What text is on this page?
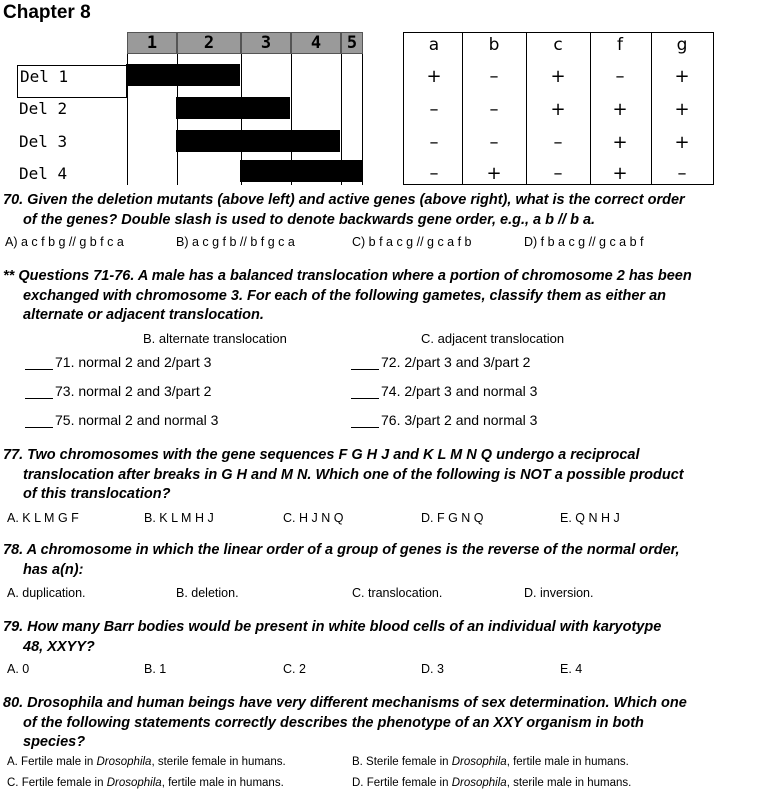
Chapter 8
1	2	3	4	5
Del 1
Del 2
Del 3
Del 4
a	b	c	f	g
+	–	+	–	+
–	–	+	+	+
–	–	–	+	+
–	+	–	+	–
70. Given the deletion mutants (above left) and active genes (above right), what is the correct order
of the genes? Double slash is used to denote backwards gene order, e.g., a b // b a.
A) a c f b g // g b f c a	B) a c g f b // b f g c a	C) b f a c g // g c a f b	D) f b a c g // g c a b f
** Questions 71-76. A male has a balanced translocation where a portion of chromosome 2 has been
exchanged with chromosome 3. For each of the following gametes, classify them as either an
alternate or adjacent translocation.
B. alternate translocation	C. adjacent translocation
71. normal 2 and 2/part 3	72. 2/part 3 and 3/part 2
73. normal 2 and 3/part 2	74. 2/part 3 and normal 3
75. normal 2 and normal 3	76. 3/part 2 and normal 3
77. Two chromosomes with the gene sequences F G H J and K L M N Q undergo a reciprocal
translocation after breaks in G H and M N. Which one of the following is NOT a possible product
of this translocation?
A. K L M G F	B. K L M H J	C. H J N Q	D. F G N Q	E. Q N H J
78. A chromosome in which the linear order of a group of genes is the reverse of the normal order,
has a(n):
A. duplication.	B. deletion.	C. translocation.	D. inversion.
79. How many Barr bodies would be present in white blood cells of an individual with karyotype
48, XXYY?
A. 0	B. 1	C. 2	D. 3	E. 4
80. Drosophila and human beings have very different mechanisms of sex determination. Which one
of the following statements correctly describes the phenotype of an XXY organism in both
species?
A. Fertile male in Drosophila, sterile female in humans.	B. Sterile female in Drosophila, fertile male in humans.
C. Fertile female in Drosophila, fertile male in humans.	D. Fertile female in Drosophila, sterile male in humans.
